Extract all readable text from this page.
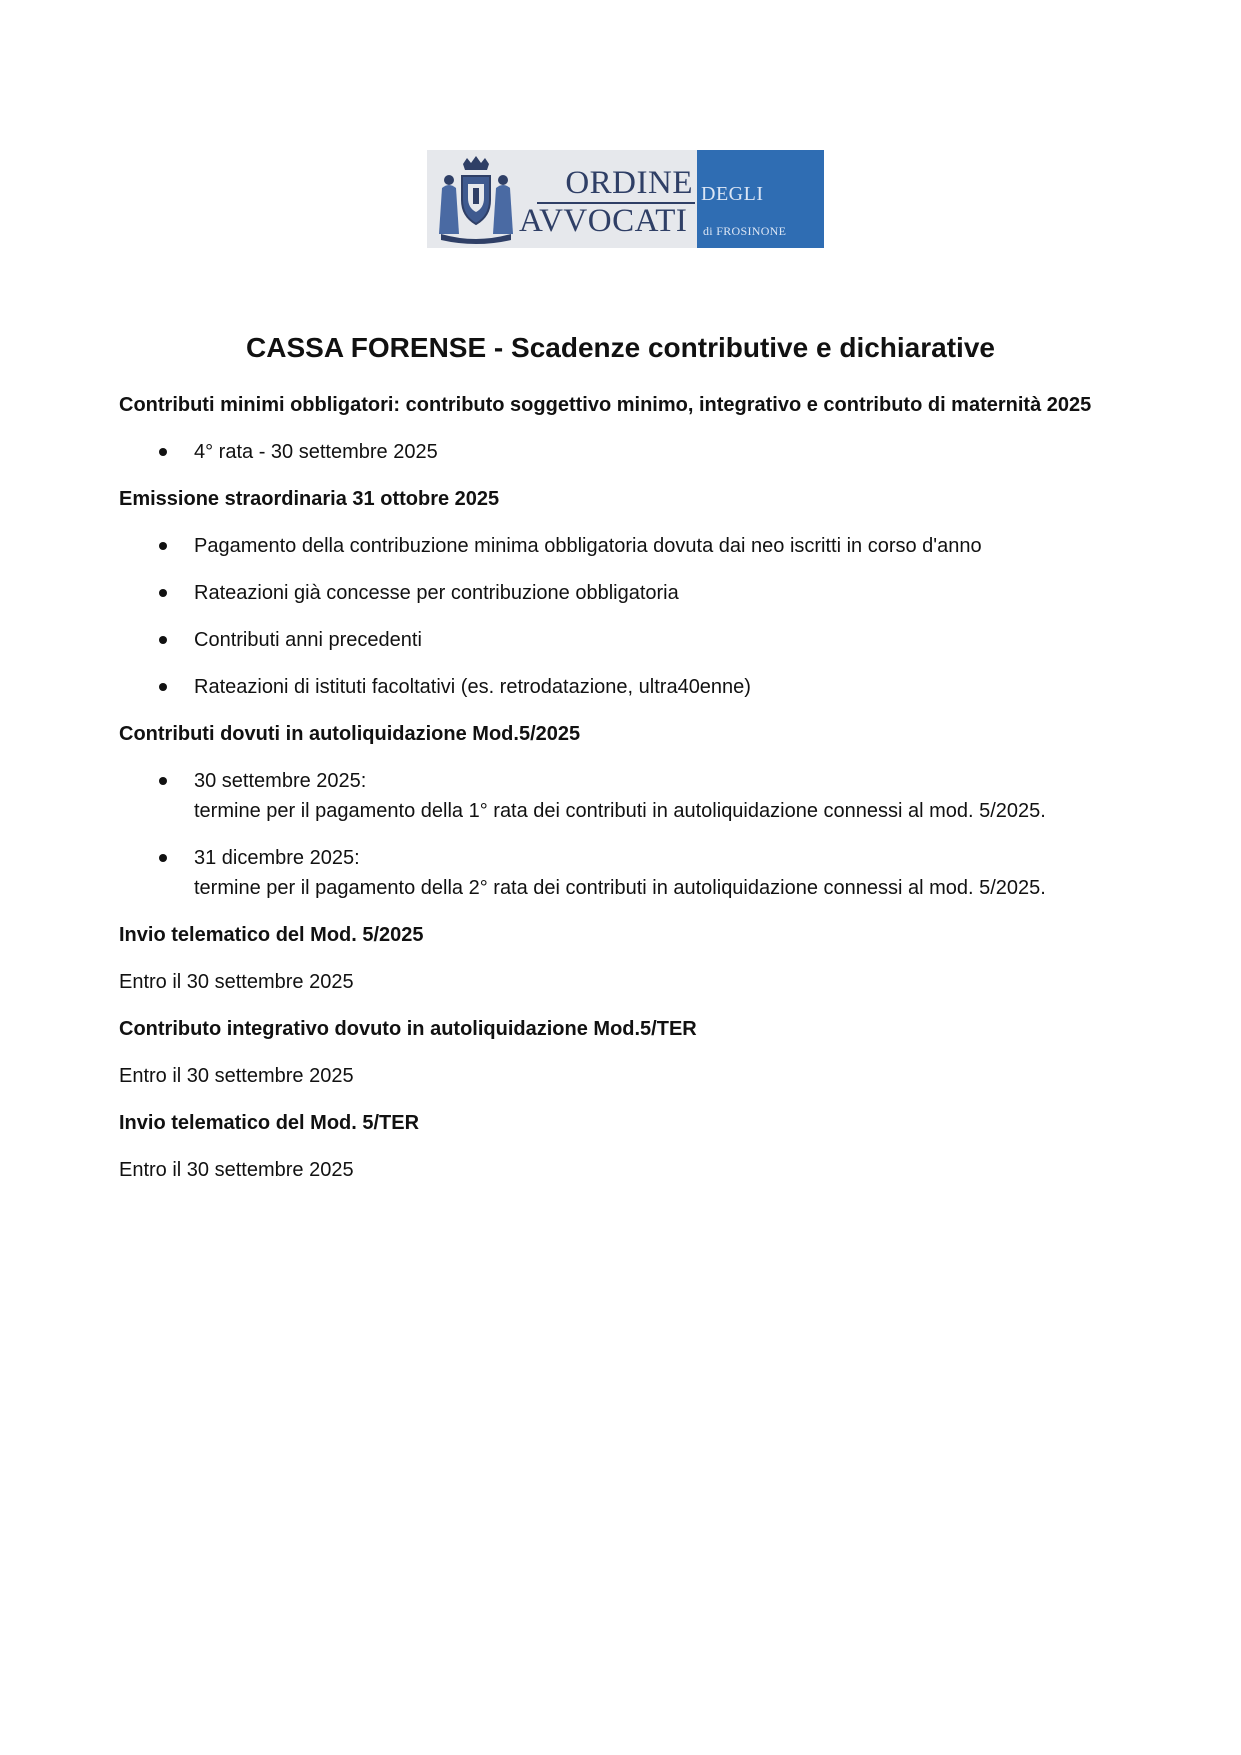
ORDINE
AVVOCATI
DEGLI
di FROSINONE
CASSA FORENSE - Scadenze contributive e dichiarative

Contributi minimi obbligatori: contributo soggettivo minimo, integrativo e contributo di maternità 2025

4° rata - 30 settembre 2025

Emissione straordinaria 31 ottobre 2025

Pagamento della contribuzione minima obbligatoria dovuta dai neo iscritti in corso d'anno
Rateazioni già concesse per contribuzione obbligatoria
Contributi anni precedenti
Rateazioni di istituti facoltativi (es. retrodatazione, ultra40enne)

Contributi dovuti in autoliquidazione Mod.5/2025

30 settembre 2025:
termine per il pagamento della 1° rata dei contributi in autoliquidazione connessi al mod. 5/2025.
31 dicembre 2025:
termine per il pagamento della 2° rata dei contributi in autoliquidazione connessi al mod. 5/2025.

Invio telematico del Mod. 5/2025

Entro il 30 settembre 2025

Contributo integrativo dovuto in autoliquidazione Mod.5/TER

Entro il 30 settembre 2025

Invio telematico del Mod. 5/TER

Entro il 30 settembre 2025
